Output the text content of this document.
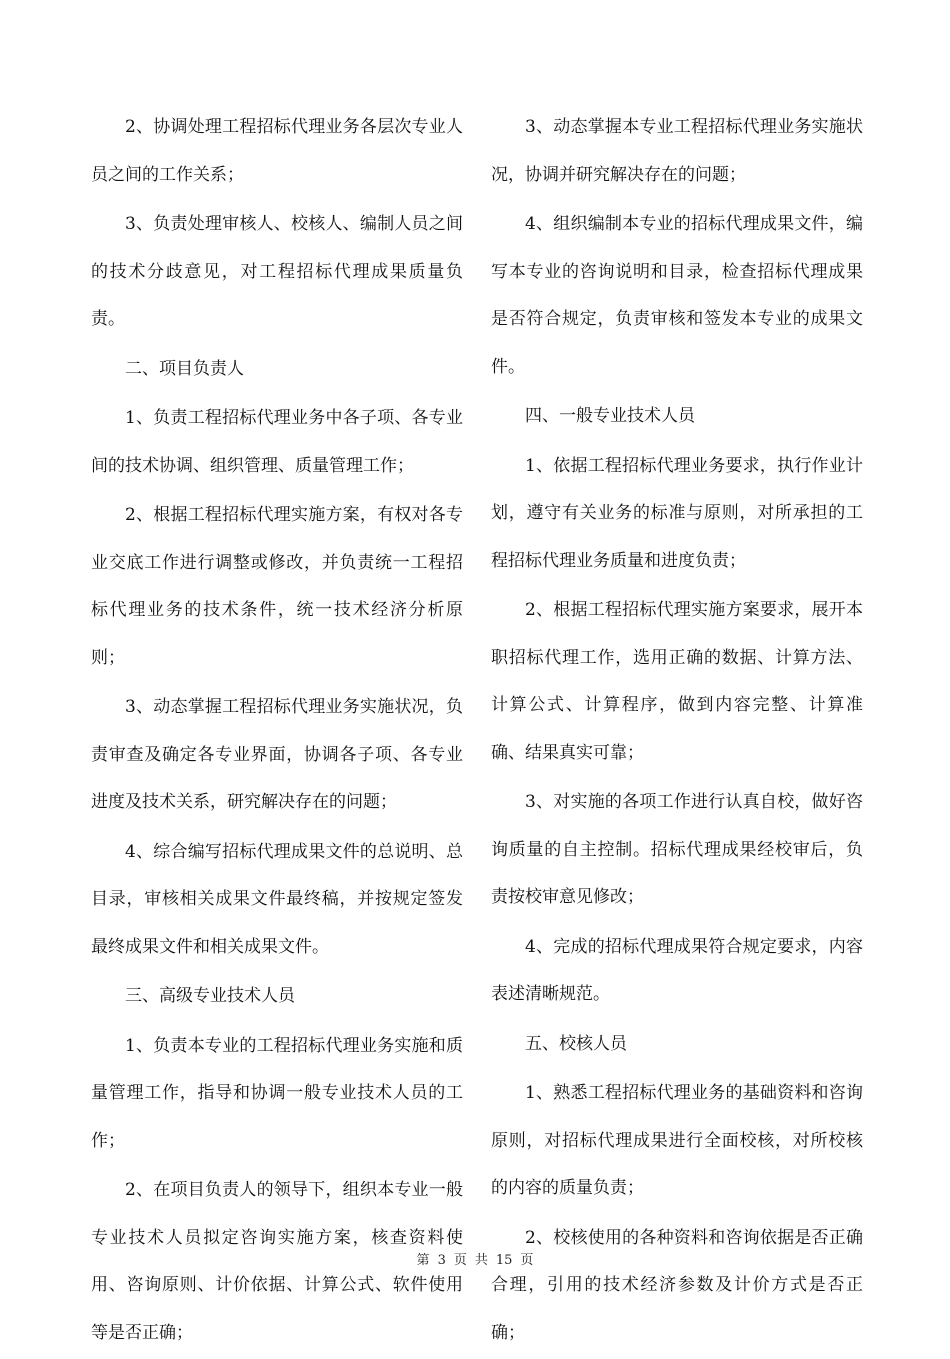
2、协调处理工程招标代理业务各层次专业人员之间的工作关系；

3、负责处理审核人、校核人、编制人员之间的技术分歧意见，对工程招标代理成果质量负责。

二、项目负责人

1、负责工程招标代理业务中各子项、各专业间的技术协调、组织管理、质量管理工作；

2、根据工程招标代理实施方案，有权对各专业交底工作进行调整或修改，并负责统一工程招标代理业务的技术条件，统一技术经济分析原则；

3、动态掌握工程招标代理业务实施状况，负责审查及确定各专业界面，协调各子项、各专业进度及技术关系，研究解决存在的问题；

4、综合编写招标代理成果文件的总说明、总目录，审核相关成果文件最终稿，并按规定签发最终成果文件和相关成果文件。

三、高级专业技术人员

1、负责本专业的工程招标代理业务实施和质量管理工作，指导和协调一般专业技术人员的工作；

2、在项目负责人的领导下，组织本专业一般专业技术人员拟定咨询实施方案，核查资料使用、咨询原则、计价依据、计算公式、软件使用等是否正确；

3、动态掌握本专业工程招标代理业务实施状况，协调并研究解决存在的问题；

4、组织编制本专业的招标代理成果文件，编写本专业的咨询说明和目录，检查招标代理成果是否符合规定，负责审核和签发本专业的成果文件。

四、一般专业技术人员

1、依据工程招标代理业务要求，执行作业计划，遵守有关业务的标准与原则，对所承担的工程招标代理业务质量和进度负责；

2、根据工程招标代理实施方案要求，展开本职招标代理工作，选用正确的数据、计算方法、计算公式、计算程序，做到内容完整、计算准确、结果真实可靠；

3、对实施的各项工作进行认真自校，做好咨询质量的自主控制。招标代理成果经校审后，负责按校审意见修改；

4、完成的招标代理成果符合规定要求，内容表述清晰规范。

五、校核人员

1、熟悉工程招标代理业务的基础资料和咨询原则，对招标代理成果进行全面校核，对所校核的内容的质量负责；

2、校核使用的各种资料和咨询依据是否正确合理，引用的技术经济参数及计价方式是否正确；

第 3 页 共 15 页
